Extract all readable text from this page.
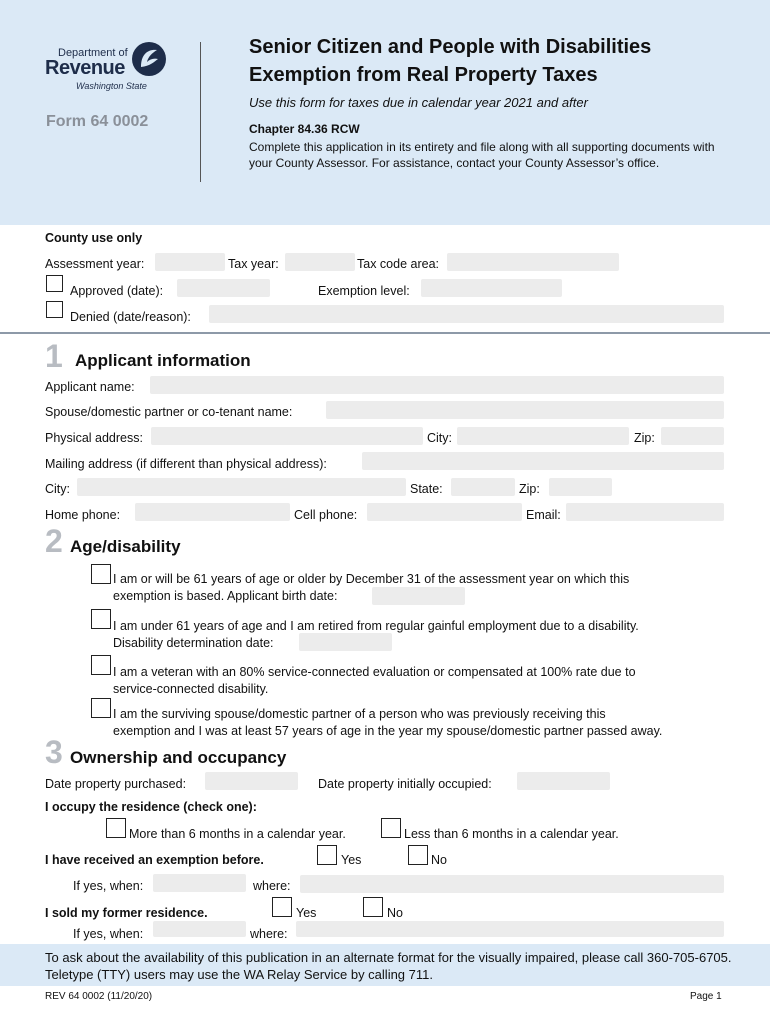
Department of
Revenue
Washington State
Form 64 0002
Senior Citizen and People with Disabilities
Exemption from Real Property Taxes
Use this form for taxes due in calendar year 2021 and after
Chapter 84.36 RCW
Complete this application in its entirety and file along with all supporting documents with your County Assessor. For assistance, contact your County Assessor’s office.
County use only
Assessment year:	Tax year:	Tax code area:
Approved (date):	Exemption level:
Denied (date/reason):
1 Applicant information
Applicant name:
Spouse/domestic partner or co-tenant name:
Physical address:	City:	Zip:
Mailing address (if different than physical address):
City:	State:	Zip:
Home phone:	Cell phone:	Email:
2 Age/disability
I am or will be 61 years of age or older by December 31 of the assessment year on which this
exemption is based. Applicant birth date:
I am under 61 years of age and I am retired from regular gainful employment due to a disability.
Disability determination date:
I am a veteran with an 80% service-connected evaluation or compensated at 100% rate due to
service-connected disability.
I am the surviving spouse/domestic partner of a person who was previously receiving this
exemption and I was at least 57 years of age in the year my spouse/domestic partner passed away.
3 Ownership and occupancy
Date property purchased:	Date property initially occupied:
I occupy the residence (check one):
More than 6 months in a calendar year.	Less than 6 months in a calendar year.
I have received an exemption before.	Yes	No
If yes, when:	where:
I sold my former residence.	Yes	No
If yes, when:	where:
To ask about the availability of this publication in an alternate format for the visually impaired, please call 360-705-6705. Teletype (TTY) users may use the WA Relay Service by calling 711.
REV 64 0002 (11/20/20)	Page 1
